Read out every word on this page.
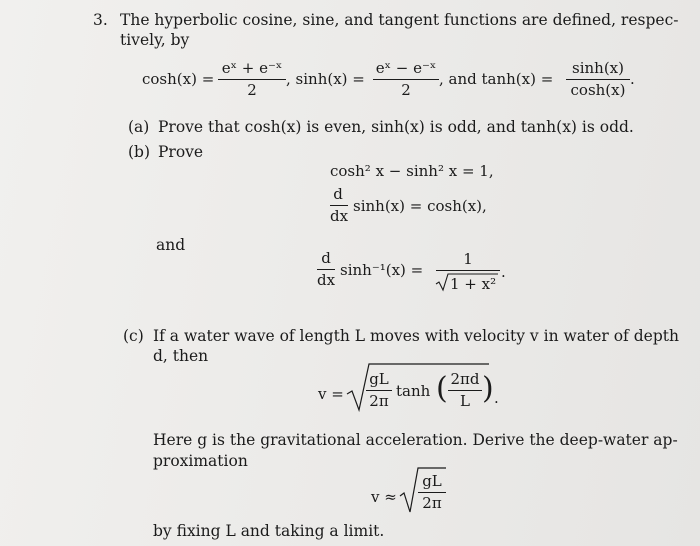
3. The hyperbolic cosine, sine, and tangent functions are defined, respec-
tively, by
cosh(x) =
eˣ + e⁻ˣ
2
, sinh(x) =
eˣ − e⁻ˣ
2
, and tanh(x) =
sinh(x)
cosh(x)
.
(a) Prove that cosh(x) is even, sinh(x) is odd, and tanh(x) is odd.
(b) Prove
cosh² x − sinh² x = 1,
d
dx
sinh(x) = cosh(x),
and
d
dx
sinh⁻¹(x) =
1
1 + x²
.
(c) If a water wave of length L moves with velocity v in water of depth
d, then
v =
gL
2π
tanh ( 2πd
L ) .
Here g is the gravitational acceleration. Derive the deep-water ap-
proximation
v ≈
gL
2π
by fixing L and taking a limit.
